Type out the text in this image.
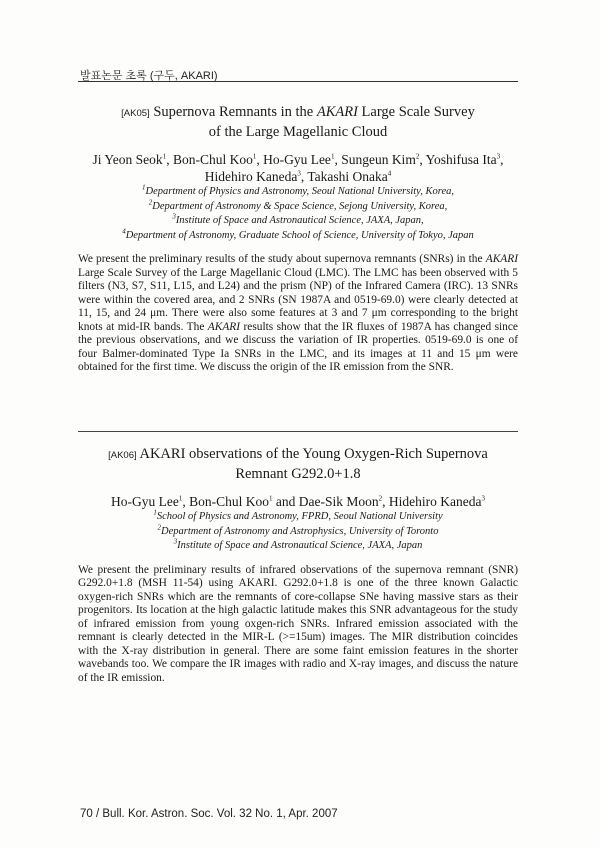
발표논문 초록 (구두, AKARI)
[AK05] Supernova Remnants in the AKARI Large Scale Survey
of the Large Magellanic Cloud
Ji Yeon Seok$^1$, Bon-Chul Koo$^1$, Ho-Gyu Lee$^1$, Sungeun Kim$^2$, Yoshifusa Ita$^3$,
Hidehiro Kaneda$^3$, Takashi Onaka$^4$
$^1$Department of Physics and Astronomy, Seoul National University, Korea,
$^2$Department of Astronomy & Space Science, Sejong University, Korea,
$^3$Institute of Space and Astronautical Science, JAXA, Japan,
$^4$Department of Astronomy, Graduate School of Science, University of Tokyo, Japan
We present the preliminary results of the study about supernova remnants (SNRs) in the AKARI Large Scale Survey of the Large Magellanic Cloud (LMC). The LMC has been observed with 5 filters (N3, S7, S11, L15, and L24) and the prism (NP) of the Infrared Camera (IRC). 13 SNRs were within the covered area, and 2 SNRs (SN 1987A and 0519-69.0) were clearly detected at 11, 15, and 24 μm. There were also some features at 3 and 7 μm corresponding to the bright knots at mid-IR bands. The AKARI results show that the IR fluxes of 1987A has changed since the previous observations, and we discuss the variation of IR properties. 0519-69.0 is one of four Balmer-dominated Type Ia SNRs in the LMC, and its images at 11 and 15 μm were obtained for the first time. We discuss the origin of the IR emission from the SNR.
[AK06] AKARI observations of the Young Oxygen-Rich Supernova
Remnant G292.0+1.8
Ho-Gyu Lee$^1$, Bon-Chul Koo$^1$ and Dae-Sik Moon$^2$, Hidehiro Kaneda$^3$
$^1$School of Physics and Astronomy, FPRD, Seoul National University
$^2$Department of Astronomy and Astrophysics, University of Toronto
$^3$Institute of Space and Astronautical Science, JAXA, Japan
We present the preliminary results of infrared observations of the supernova remnant (SNR) G292.0+1.8 (MSH 11-54) using AKARI. G292.0+1.8 is one of the three known Galactic oxygen-rich SNRs which are the remnants of core-collapse SNe having massive stars as their progenitors. Its location at the high galactic latitude makes this SNR advantageous for the study of infrared emission from young oxgen-rich SNRs. Infrared emission associated with the remnant is clearly detected in the MIR-L (>=15um) images. The MIR distribution coincides with the X-ray distribution in general. There are some faint emission features in the shorter wavebands too. We compare the IR images with radio and X-ray images, and discuss the nature of the IR emission.
70 / Bull. Kor. Astron. Soc. Vol. 32 No. 1, Apr. 2007
